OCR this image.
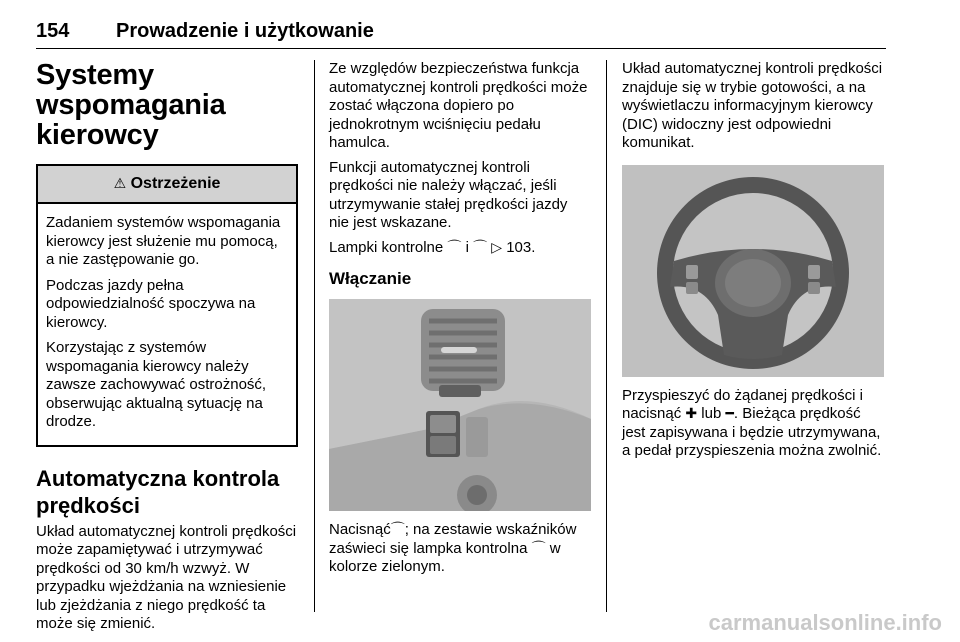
154 Prowadzenie i użytkowanie
Systemy wspomagania kierowcy
⚠ Ostrzeżenie

Zadaniem systemów wspomagania kierowcy jest służenie mu pomocą, a nie zastępowanie go.

Podczas jazdy pełna odpowiedzialność spoczywa na kierowcy.

Korzystając z systemów wspomagania kierowcy należy zawsze zachowywać ostrożność, obserwując aktualną sytuację na drodze.

Automatyczna kontrola prędkości

Układ automatycznej kontroli prędkości może zapamiętywać i utrzymywać prędkości od 30 km/h wzwyż. W przypadku wjeżdżania na wzniesienie lub zjeżdżania z niego prędkość ta może się zmienić.

Ze względów bezpieczeństwa funkcja automatycznej kontroli prędkości może zostać włączona dopiero po jednokrotnym wciśnięciu pedału hamulca.

Funkcji automatycznej kontroli prędkości nie należy włączać, jeśli utrzymywanie stałej prędkości jazdy nie jest wskazane.

Lampki kontrolne ⌒ i ⌒ ▷ 103.

Włączanie

Nacisnąć⌒; na zestawie wskaźników zaświeci się lampka kontrolna ⌒ w kolorze zielonym.

Układ automatycznej kontroli prędkości znajduje się w trybie gotowości, a na wyświetlaczu informacyjnym kierowcy (DIC) widoczny jest odpowiedni komunikat.

Przyspieszyć do żądanej prędkości i nacisnąć ✚ lub ━. Bieżąca prędkość jest zapisywana i będzie utrzymywana, a pedał przyspieszenia można zwolnić.

carmanualsonline.info
